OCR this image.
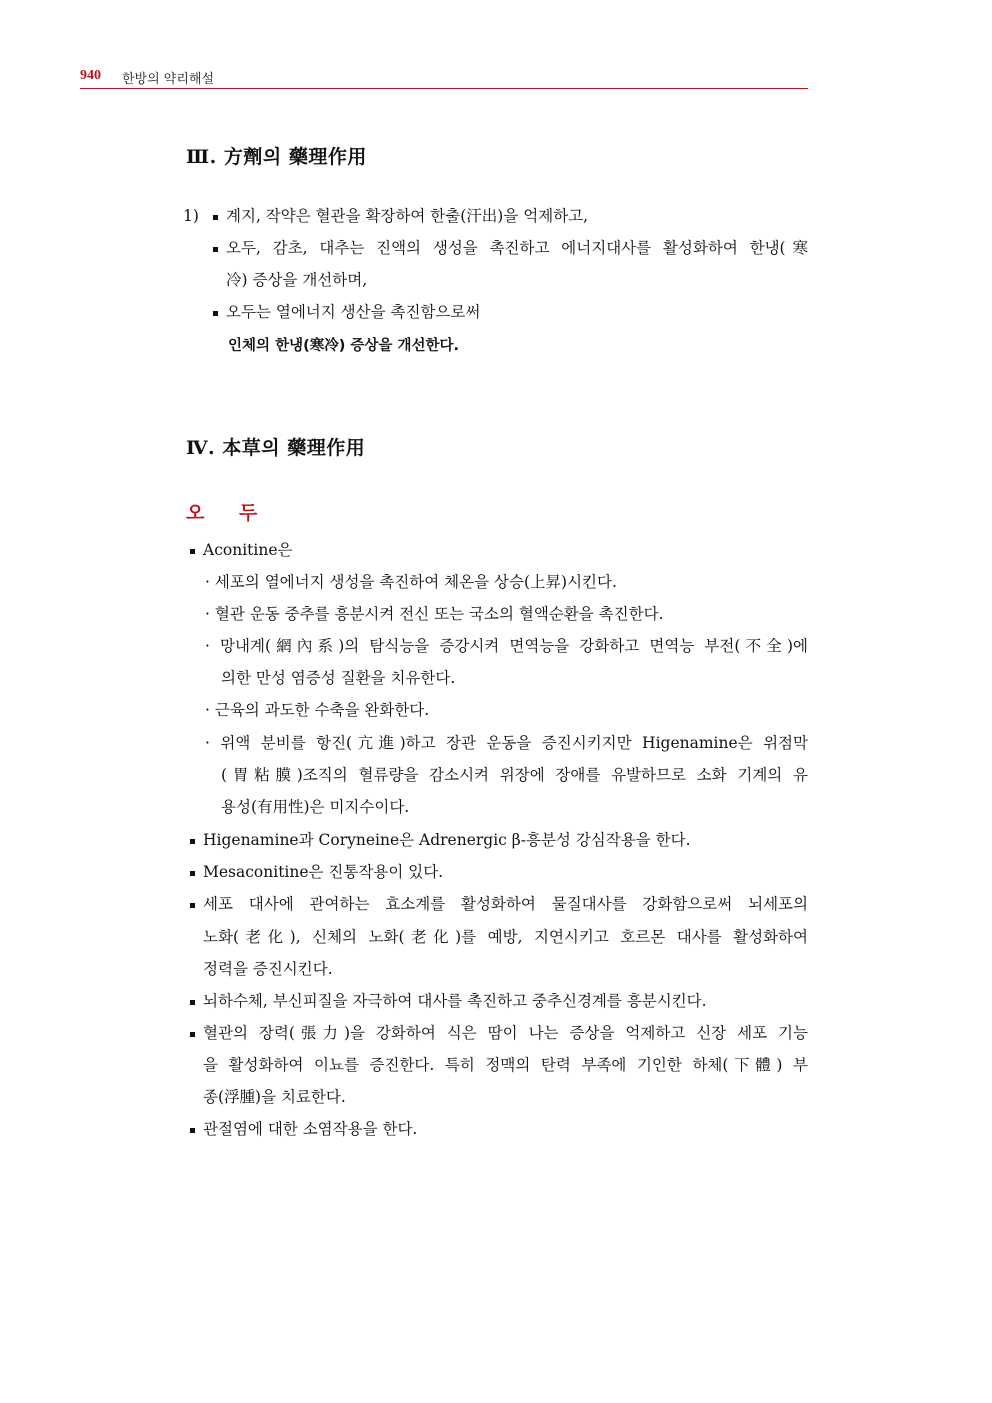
940 한방의 약리해설
Ⅲ. 方劑의 藥理作用
1)	계지, 작약은 혈관을 확장하여 한출(汗出)을 억제하고,
오두, 감초, 대추는 진액의 생성을 촉진하고 에너지대사를 활성화하여 한냉(寒
冷) 증상을 개선하며,
오두는 열에너지 생산을 촉진함으로써
인체의 한냉(寒冷) 증상을 개선한다.
Ⅳ. 本草의 藥理作用
오 두
Aconitine은
· 세포의 열에너지 생성을 촉진하여 체온을 상승(上昇)시킨다.
· 혈관 운동 중추를 흥분시켜 전신 또는 국소의 혈액순환을 촉진한다.
· 망내계(網內系)의 탐식능을 증강시켜 면역능을 강화하고 면역능 부전(不全)에
의한 만성 염증성 질환을 치유한다.
· 근육의 과도한 수축을 완화한다.
· 위액 분비를 항진(亢進)하고 장관 운동을 증진시키지만 Higenamine은 위점막
(胃粘膜)조직의 혈류량을 감소시켜 위장에 장애를 유발하므로 소화 기계의 유
용성(有用性)은 미지수이다.
Higenamine과 Coryneine은 Adrenergic β-흥분성 강심작용을 한다.
Mesaconitine은 진통작용이 있다.
세포 대사에 관여하는 효소계를 활성화하여 물질대사를 강화함으로써 뇌세포의
노화(老化), 신체의 노화(老化)를 예방, 지연시키고 호르몬 대사를 활성화하여
정력을 증진시킨다.
뇌하수체, 부신피질을 자극하여 대사를 촉진하고 중추신경계를 흥분시킨다.
혈관의 장력(張力)을 강화하여 식은 땀이 나는 증상을 억제하고 신장 세포 기능
을 활성화하여 이뇨를 증진한다. 특히 정맥의 탄력 부족에 기인한 하체(下體) 부
종(浮腫)을 치료한다.
관절염에 대한 소염작용을 한다.
